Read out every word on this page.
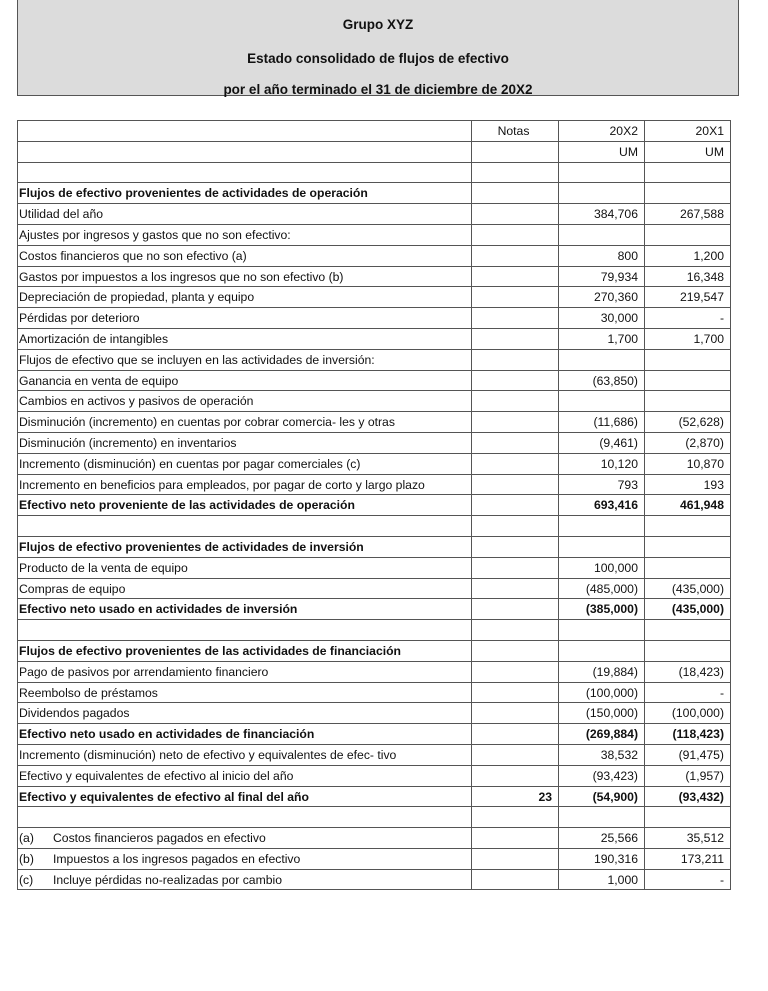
Grupo XYZ
Estado consolidado de flujos de efectivo
por el año terminado el 31 de diciembre de 20X2
	Notas	20X2	20X1
		UM	UM

Flujos de efectivo provenientes de actividades de operación			
Utilidad del año		384,706	267,588
Ajustes por ingresos y gastos que no son efectivo:			
Costos financieros que no son efectivo (a)		800	1,200
Gastos por impuestos a los ingresos que no son efectivo (b)		79,934	16,348
Depreciación de propiedad, planta y equipo		270,360	219,547
Pérdidas por deterioro		30,000	-
Amortización de intangibles		1,700	1,700
Flujos de efectivo que se incluyen en las actividades de inversión:			
Ganancia en venta de equipo		(63,850)	
Cambios en activos y pasivos de operación			
Disminución (incremento) en cuentas por cobrar comercia- les y otras		(11,686)	(52,628)
Disminución (incremento) en inventarios		(9,461)	(2,870)
Incremento (disminución) en cuentas por pagar comerciales (c)		10,120	10,870
Incremento en beneficios para empleados, por pagar de corto y largo plazo		793	193
Efectivo neto proveniente de las actividades de operación		693,416	461,948

Flujos de efectivo provenientes de actividades de inversión			
Producto de la venta de equipo		100,000	
Compras de equipo		(485,000)	(435,000)
Efectivo neto usado en actividades de inversión		(385,000)	(435,000)

Flujos de efectivo provenientes de las actividades de financiación			
Pago de pasivos por arrendamiento financiero		(19,884)	(18,423)
Reembolso de préstamos		(100,000)	-
Dividendos pagados		(150,000)	(100,000)
Efectivo neto usado en actividades de financiación		(269,884)	(118,423)
Incremento (disminución) neto de efectivo y equivalentes de efec- tivo		38,532	(91,475)
Efectivo y equivalentes de efectivo al inicio del año		(93,423)	(1,957)
Efectivo y equivalentes de efectivo al final del año	23	(54,900)	(93,432)

(a) Costos financieros pagados en efectivo		25,566	35,512
(b) Impuestos a los ingresos pagados en efectivo		190,316	173,211
(c) Incluye pérdidas no-realizadas por cambio		1,000	-
